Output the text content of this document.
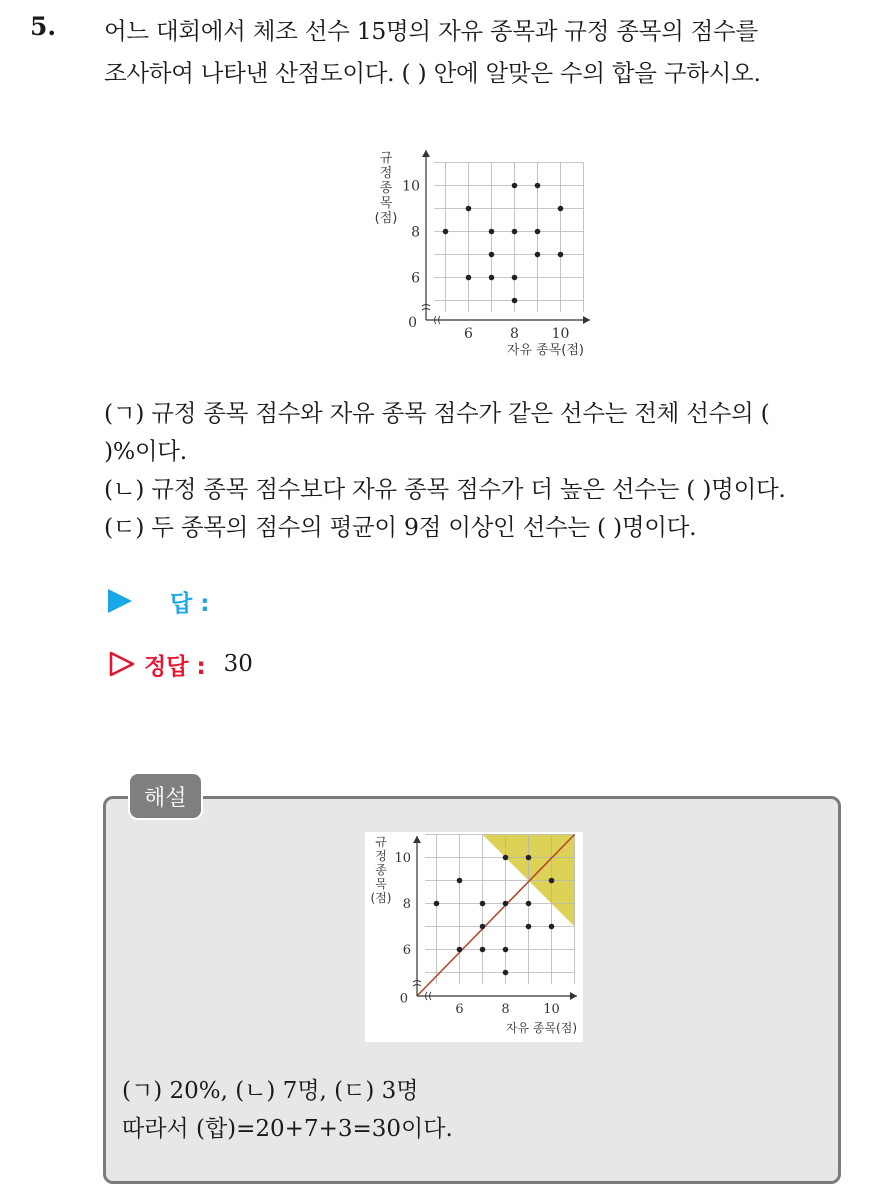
5. 어느 대회에서 체조 선수 15명의 자유 종목과 규정 종목의 점수를
조사하여 나타낸 산점도이다. ( ) 안에 알맞은 수의 합을 구하시오.
6	8 10
6
8
10
0
자유 종목(점)
규
정
종
목
(점)
(ㄱ) 규정 종목 점수와 자유 종목 점수가 같은 선수는 전체 선수의 (
)%이다.
(ㄴ) 규정 종목 점수보다 자유 종목 점수가 더 높은 선수는 ( )명이다.
(ㄷ) 두 종목의 점수의 평균이 9점 이상인 선수는 ( )명이다.
답 :
정답 : 30
해설
6	8	10
6
8
10
0
자유 종목(점)
규
정
종
목
(점)
(ㄱ) 20%, (ㄴ) 7명, (ㄷ) 3명
따라서 (합)=20+7+3=30이다.
